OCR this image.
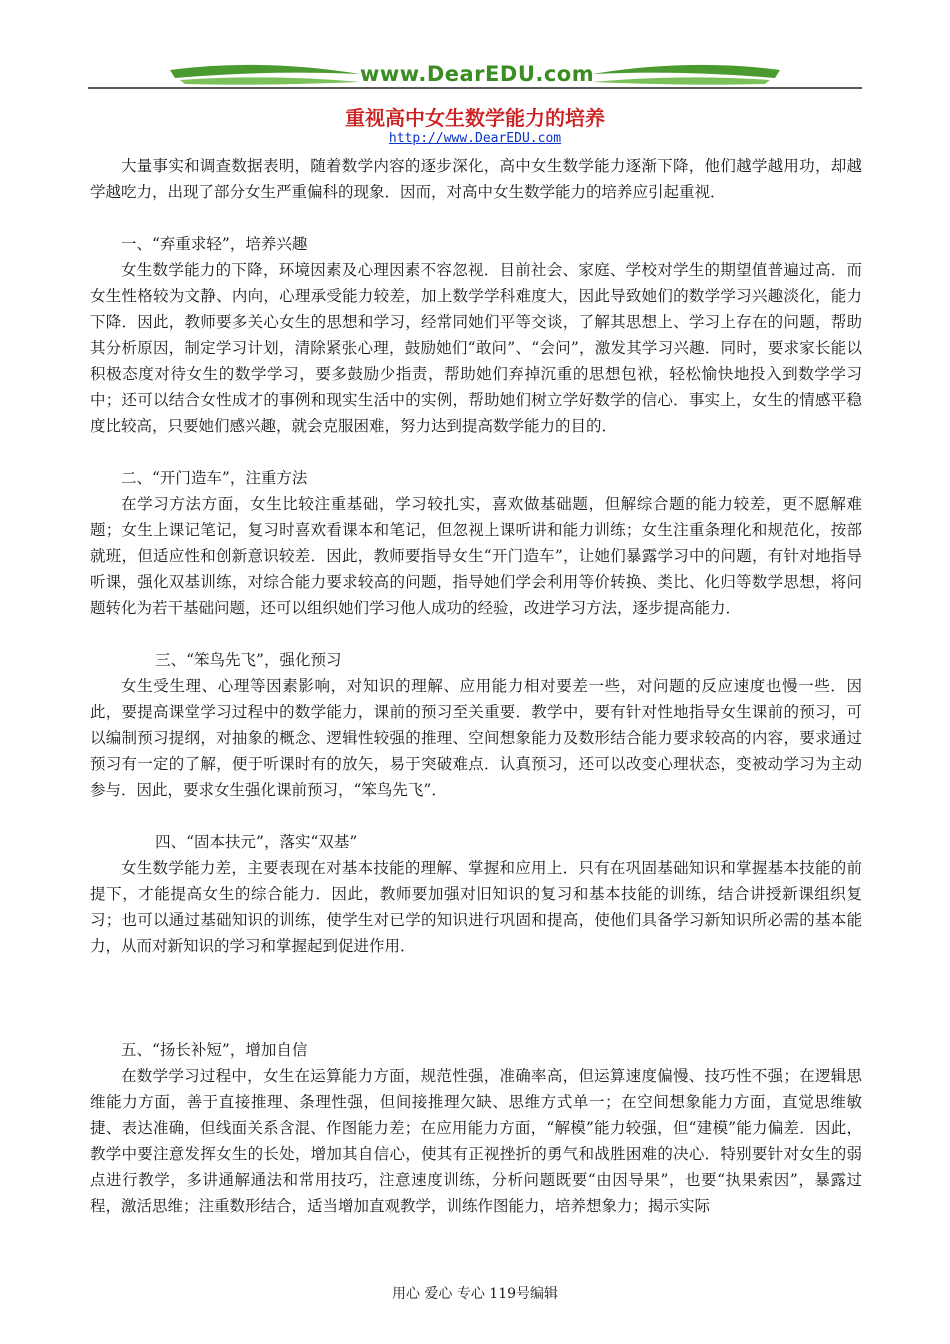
www.DearEDU.com
重视高中女生数学能力的培养
http://www.DearEDU.com

大量事实和调查数据表明，随着数学内容的逐步深化，高中女生数学能力逐渐下降，他们越学越用功，却越学越吃力，出现了部分女生严重偏科的现象．因而，对高中女生数学能力的培养应引起重视．

一、“弃重求轻”，培养兴趣

女生数学能力的下降，环境因素及心理因素不容忽视．目前社会、家庭、学校对学生的期望值普遍过高．而女生性格较为文静、内向，心理承受能力较差，加上数学学科难度大，因此导致她们的数学学习兴趣淡化，能力下降．因此，教师要多关心女生的思想和学习，经常同她们平等交谈，了解其思想上、学习上存在的问题，帮助其分析原因，制定学习计划，清除紧张心理，鼓励她们“敢问”、“会问”，激发其学习兴趣．同时，要求家长能以积极态度对待女生的数学学习，要多鼓励少指责，帮助她们弃掉沉重的思想包袱，轻松愉快地投入到数学学习中；还可以结合女性成才的事例和现实生活中的实例，帮助她们树立学好数学的信心．事实上，女生的情感平稳度比较高，只要她们感兴趣，就会克服困难，努力达到提高数学能力的目的．

二、“开门造车”，注重方法

在学习方法方面，女生比较注重基础，学习较扎实，喜欢做基础题，但解综合题的能力较差，更不愿解难题；女生上课记笔记，复习时喜欢看课本和笔记，但忽视上课听讲和能力训练；女生注重条理化和规范化，按部就班，但适应性和创新意识较差．因此，教师要指导女生“开门造车”，让她们暴露学习中的问题，有针对地指导听课，强化双基训练，对综合能力要求较高的问题，指导她们学会利用等价转换、类比、化归等数学思想，将问题转化为若干基础问题，还可以组织她们学习他人成功的经验，改进学习方法，逐步提高能力．

三、“笨鸟先飞”，强化预习

女生受生理、心理等因素影响，对知识的理解、应用能力相对要差一些，对问题的反应速度也慢一些．因此，要提高课堂学习过程中的数学能力，课前的预习至关重要．教学中，要有针对性地指导女生课前的预习，可以编制预习提纲，对抽象的概念、逻辑性较强的推理、空间想象能力及数形结合能力要求较高的内容，要求通过预习有一定的了解，便于听课时有的放矢，易于突破难点．认真预习，还可以改变心理状态，变被动学习为主动参与．因此，要求女生强化课前预习，“笨鸟先飞”．

四、“固本扶元”，落实“双基”

女生数学能力差，主要表现在对基本技能的理解、掌握和应用上．只有在巩固基础知识和掌握基本技能的前提下，才能提高女生的综合能力．因此，教师要加强对旧知识的复习和基本技能的训练，结合讲授新课组织复习；也可以通过基础知识的训练，使学生对已学的知识进行巩固和提高，使他们具备学习新知识所必需的基本能力，从而对新知识的学习和掌握起到促进作用．

五、“扬长补短”，增加自信

在数学学习过程中，女生在运算能力方面，规范性强，准确率高，但运算速度偏慢、技巧性不强；在逻辑思维能力方面，善于直接推理、条理性强，但间接推理欠缺、思维方式单一；在空间想象能力方面，直觉思维敏捷、表达准确，但线面关系含混、作图能力差；在应用能力方面，“解模”能力较强，但“建模”能力偏差．因此，教学中要注意发挥女生的长处，增加其自信心，使其有正视挫折的勇气和战胜困难的决心．特别要针对女生的弱点进行教学，多讲通解通法和常用技巧，注意速度训练，分析问题既要“由因导果”，也要“执果索因”，暴露过程，激活思维；注重数形结合，适当增加直观教学，训练作图能力，培养想象力；揭示实际

用心 爱心 专心 119号编辑
